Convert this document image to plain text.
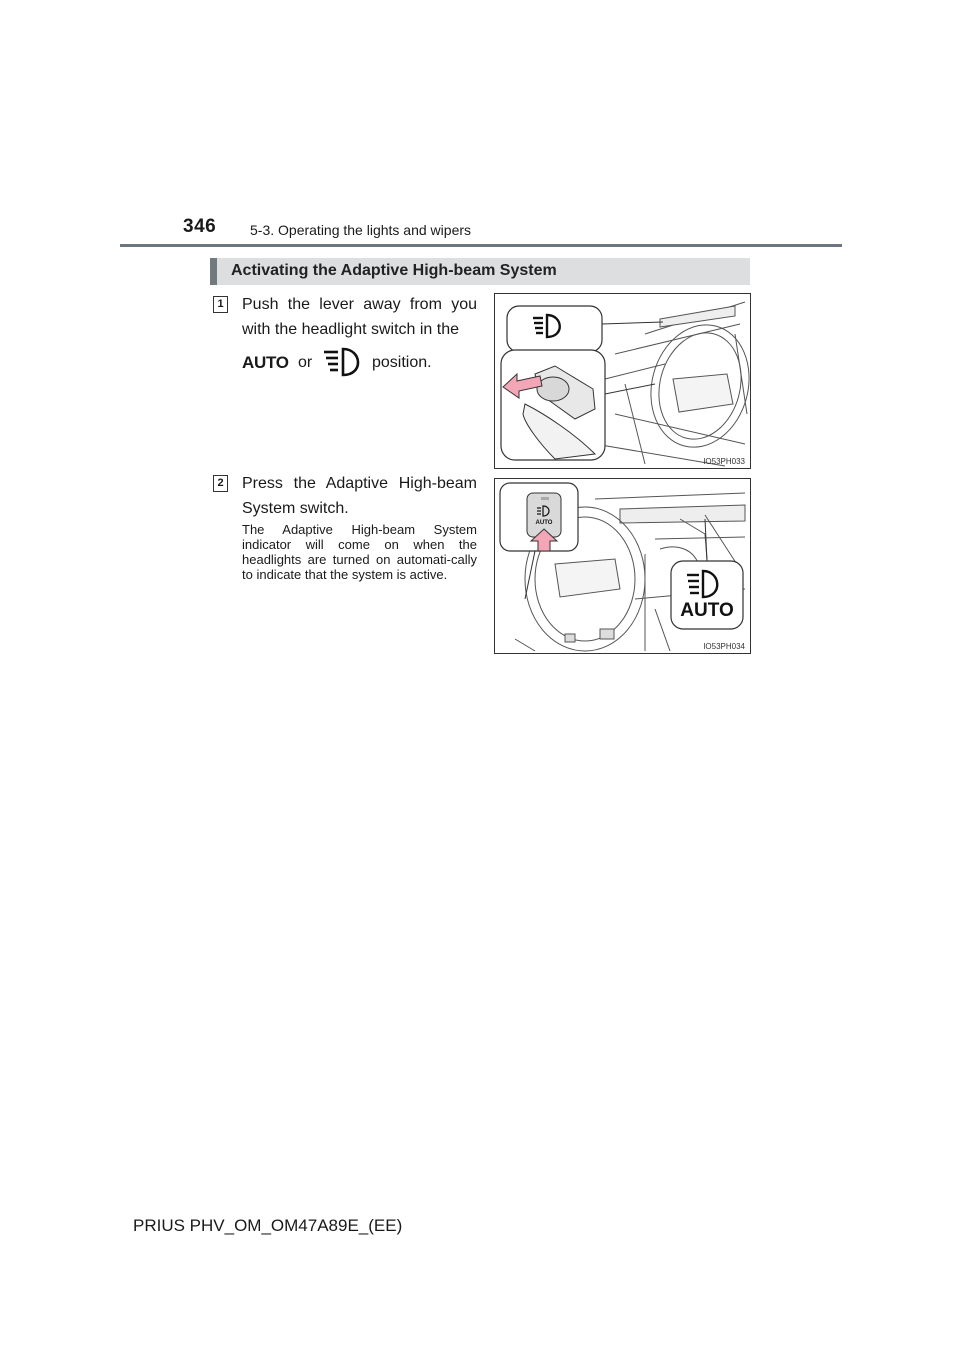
346 5-3. Operating the lights and wipers
Activating the Adaptive High-beam System
1 Push the lever away from you with the headlight switch in the
AUTO or	position.
IO53PH033
2 Press the Adaptive High-beam System switch.
The Adaptive High-beam System indicator will come on when the headlights are turned on automati-cally to indicate that the system is active.
AUTO
AUTO
IO53PH034
PRIUS PHV_OM_OM47A89E_(EE)
